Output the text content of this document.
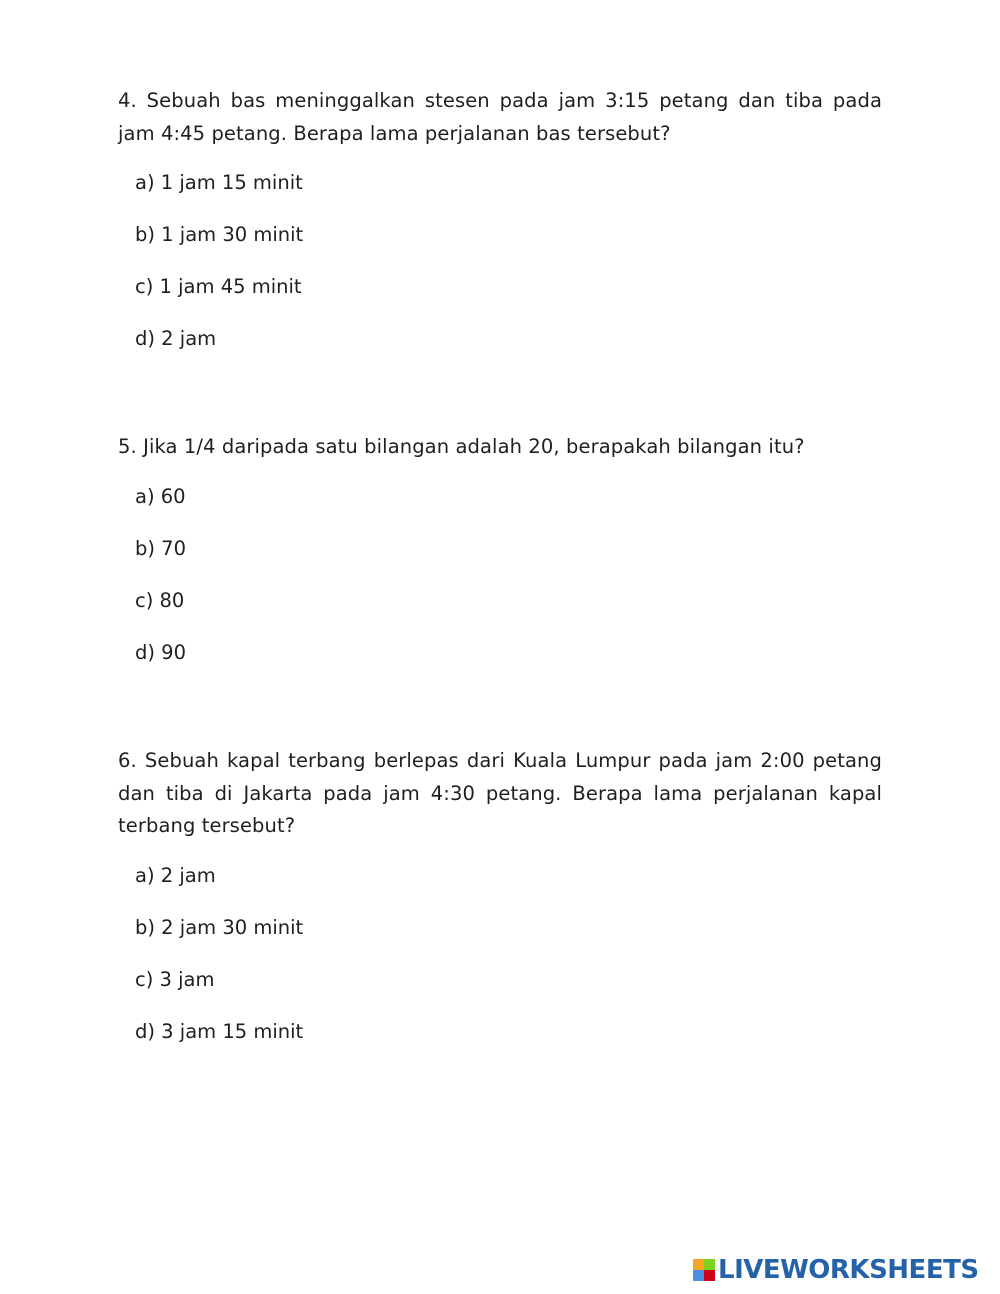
4. Sebuah bas meninggalkan stesen pada jam 3:15 petang dan tiba pada jam 4:45 petang. Berapa lama perjalanan bas tersebut?

a) 1 jam 15 minit
b) 1 jam 30 minit
c) 1 jam 45 minit
d) 2 jam

5. Jika 1/4 daripada satu bilangan adalah 20, berapakah bilangan itu?

a) 60
b) 70
c) 80
d) 90

6. Sebuah kapal terbang berlepas dari Kuala Lumpur pada jam 2:00 petang dan tiba di Jakarta pada jam 4:30 petang. Berapa lama perjalanan kapal terbang tersebut?

a) 2 jam
b) 2 jam 30 minit
c) 3 jam
d) 3 jam 15 minit
LIVEWORKSHEETS
